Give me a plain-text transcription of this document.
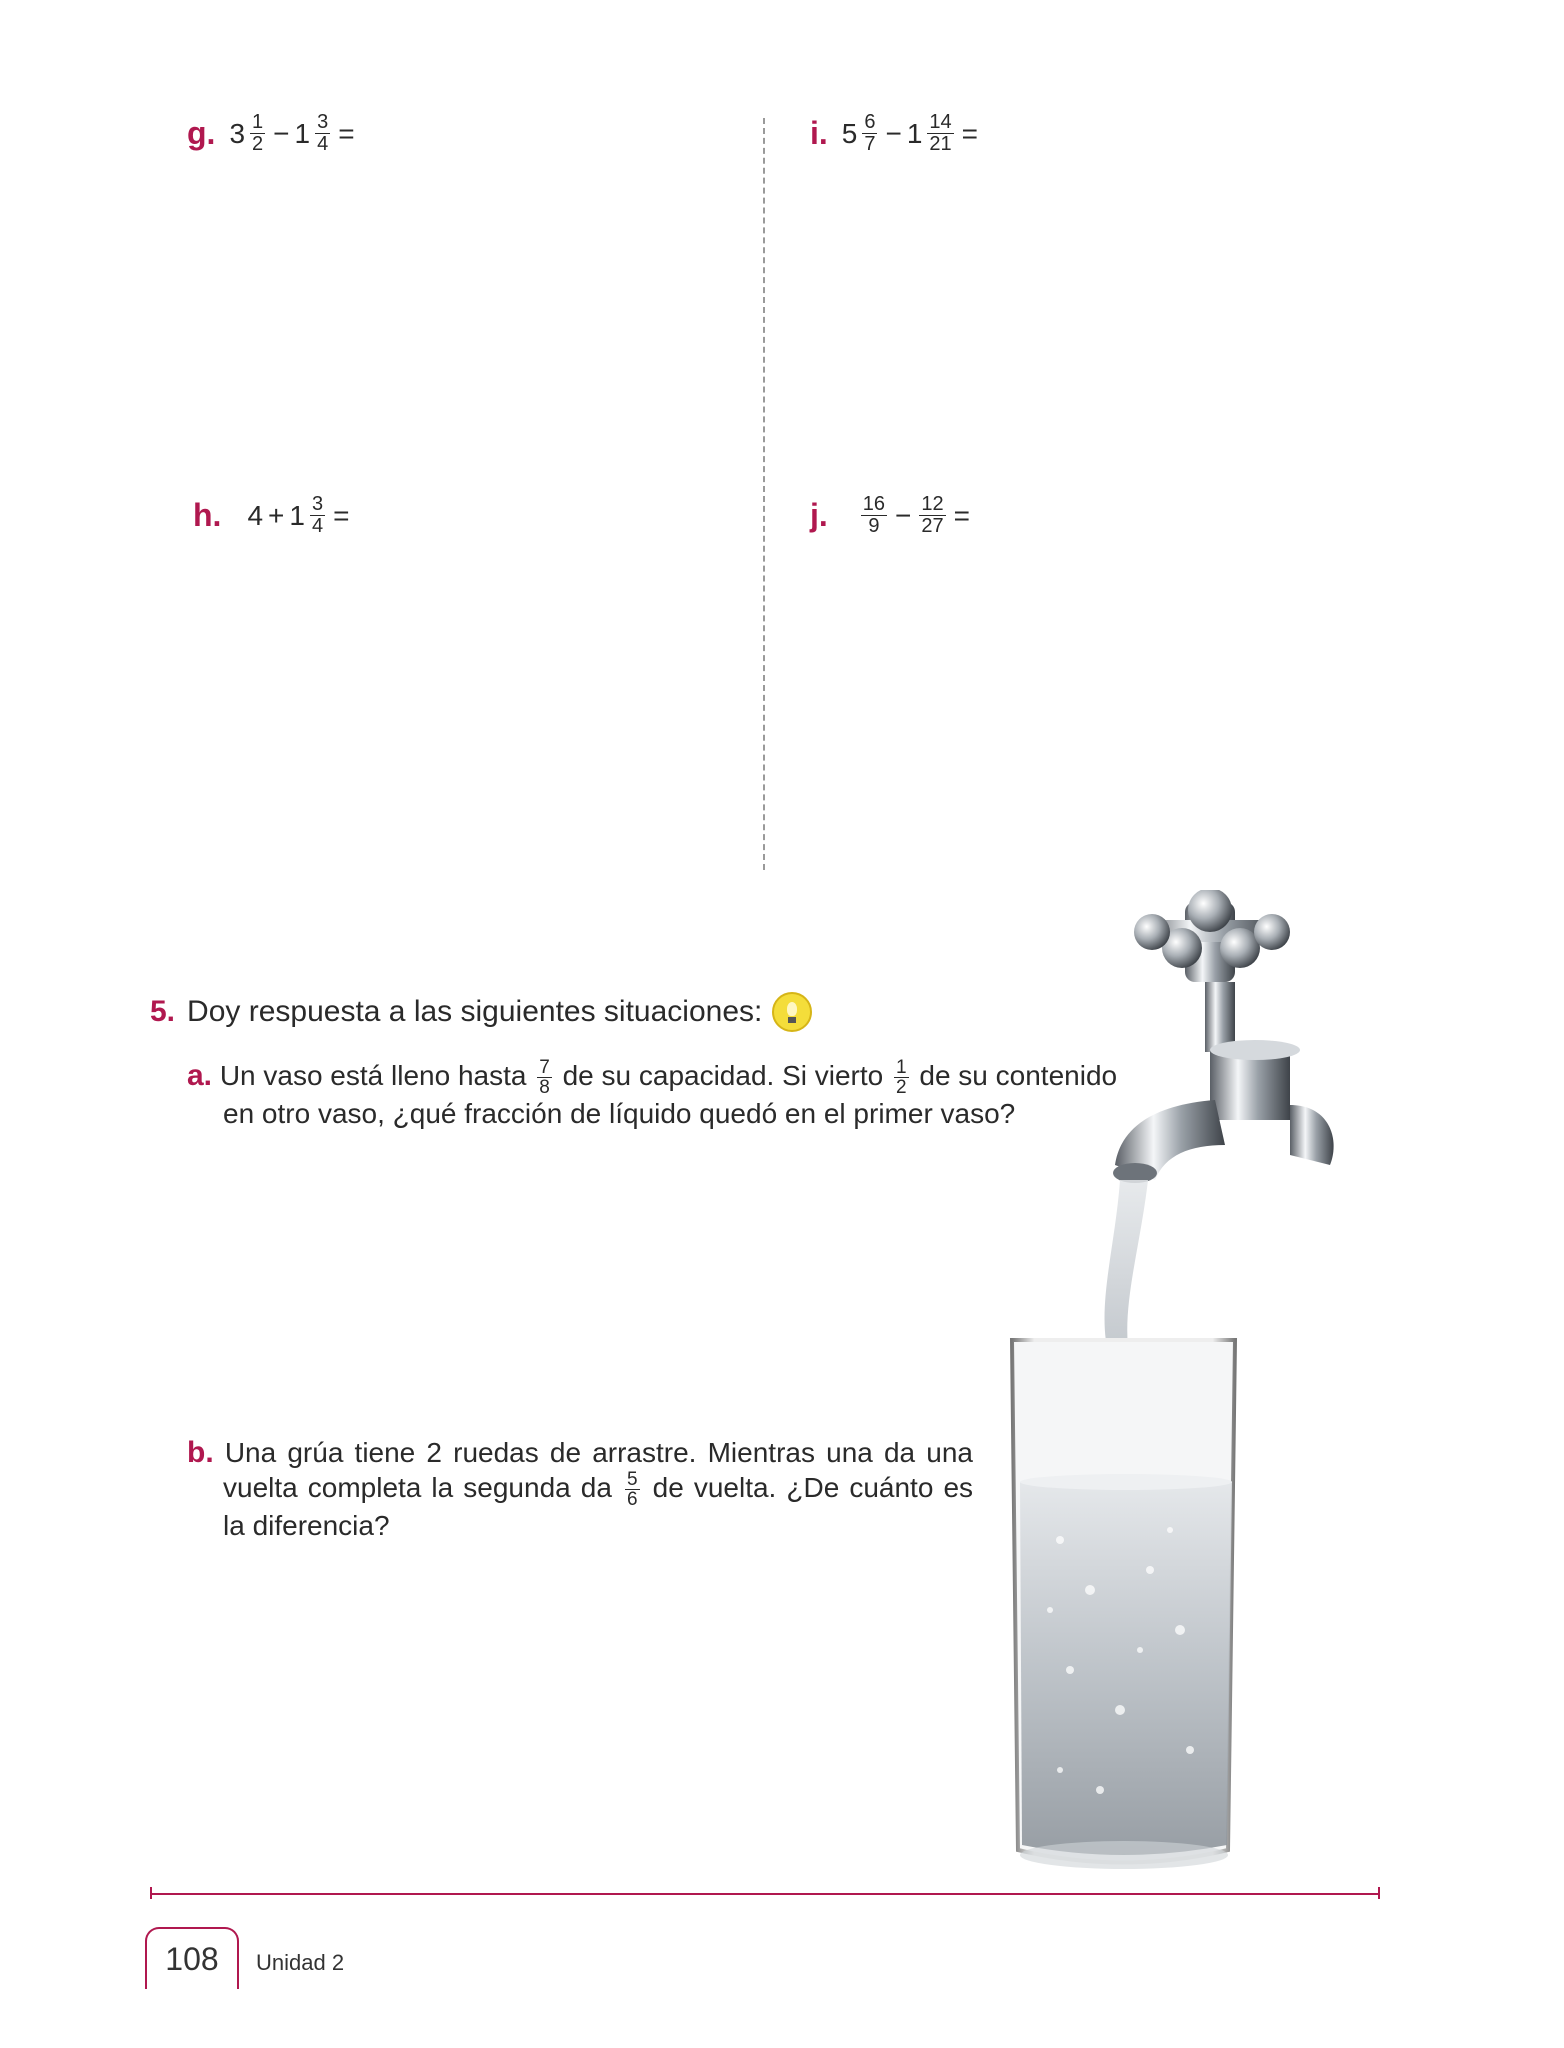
g. $3 \frac{1}{2} - 1 \frac{3}{4}$ =	i. $5 \frac{6}{7} - 1 \frac{14}{21}$ =
h. $4 + 1 \frac{3}{4}$ =	j. $\frac{16}{9} - \frac{12}{27}$ =
5. Doy respuesta a las siguientes situaciones:
a. Un vaso está lleno hasta $\frac{7}{8}$ de su capacidad. Si vierto $\frac{1}{2}$ de su contenido
en otro vaso, ¿qué fracción de líquido quedó en el primer vaso?
b. Una grúa tiene 2 ruedas de arrastre. Mientras una da una vuelta completa la segunda da $\frac{5}{6}$ de vuelta. ¿De cuánto es la diferencia?
108	Unidad 2
